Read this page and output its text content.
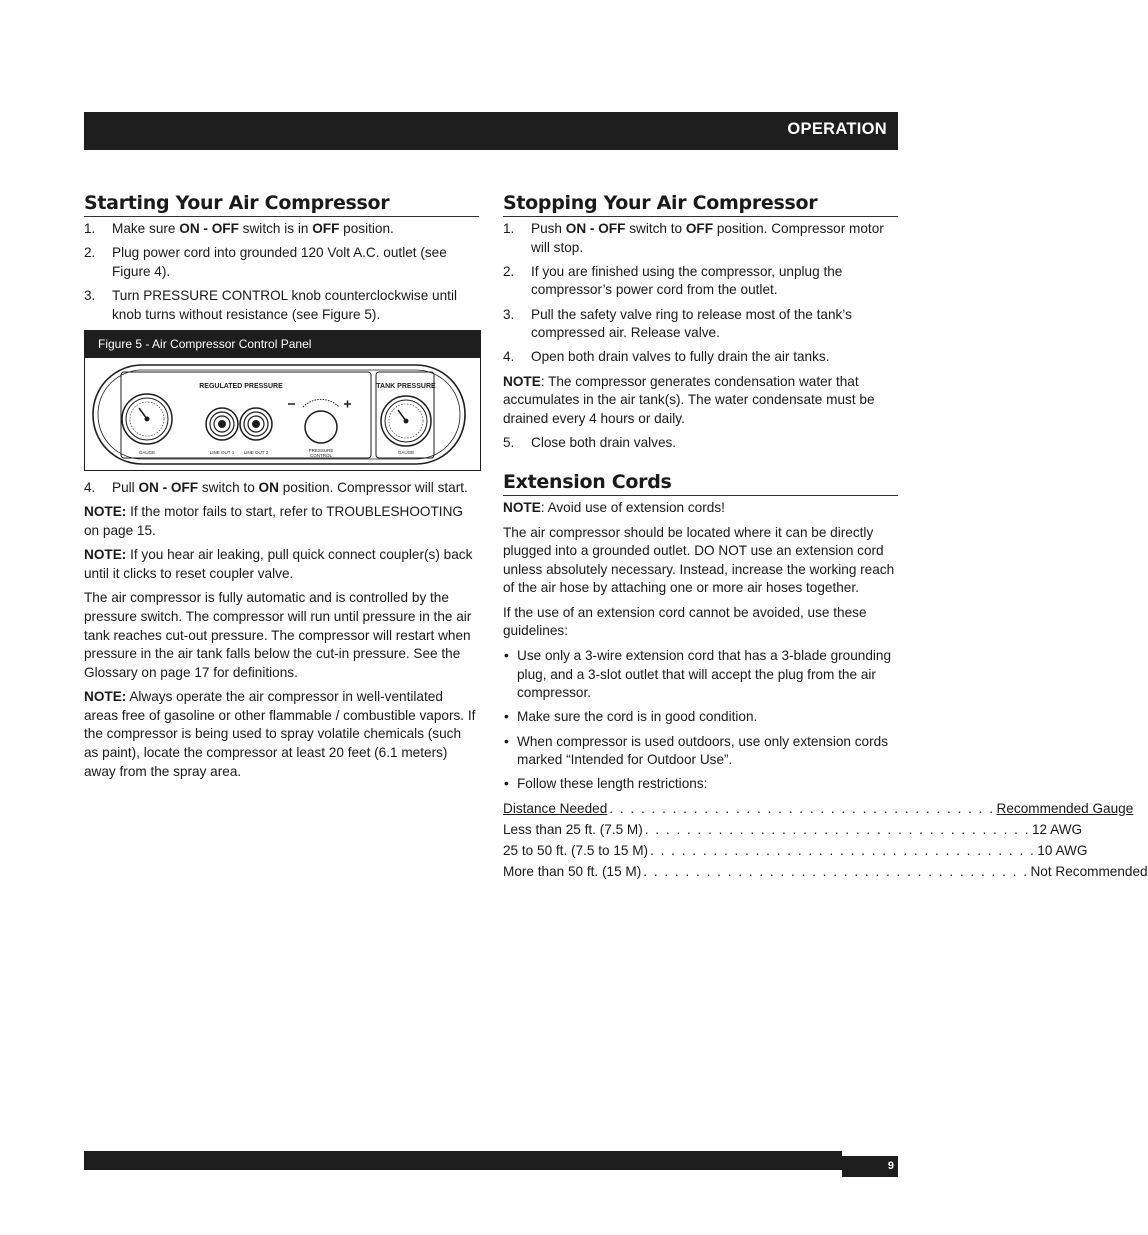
OPERATION
Starting Your Air Compressor
1. Make sure ON - OFF switch is in OFF position.
2. Plug power cord into grounded 120 Volt A.C. outlet (see Figure 4).
3. Turn PRESSURE CONTROL knob counterclockwise until knob turns without resistance (see Figure 5).
Figure 5 - Air Compressor Control Panel
REGULATED PRESSURE	TANK PRESSURE
GAUGE	LINE OUT 1 LINE OUT 2	PRESSURE
CONTROL
GAUGE
4. Pull ON - OFF switch to ON position. Compressor will start.

NOTE: If the motor fails to start, refer to TROUBLESHOOTING on page 15.

NOTE: If you hear air leaking, pull quick connect coupler(s) back until it clicks to reset coupler valve.

The air compressor is fully automatic and is controlled by the pressure switch. The compressor will run until pressure in the air tank reaches cut-out pressure. The compressor will restart when pressure in the air tank falls below the cut-in pressure. See the Glossary on page 17 for definitions.

NOTE: Always operate the air compressor in well-ventilated areas free of gasoline or other flammable / combustible vapors. If the compressor is being used to spray volatile chemicals (such as paint), locate the compressor at least 20 feet (6.1 meters) away from the spray area.

Stopping Your Air Compressor
1. Push ON - OFF switch to OFF position. Compressor motor will stop.
2. If you are finished using the compressor, unplug the compressor’s power cord from the outlet.
3. Pull the safety valve ring to release most of the tank’s compressed air. Release valve.
4. Open both drain valves to fully drain the air tanks.

NOTE: The compressor generates condensation water that accumulates in the air tank(s). The water condensate must be drained every 4 hours or daily.

5. Close both drain valves.
Extension Cords

NOTE: Avoid use of extension cords!

The air compressor should be located where it can be directly plugged into a grounded outlet. DO NOT use an extension cord unless absolutely necessary. Instead, increase the working reach of the air hose by attaching one or more air hoses together.

If the use of an extension cord cannot be avoided, use these guidelines:

• Use only a 3-wire extension cord that has a 3-blade grounding plug, and a 3-slot outlet that will accept the plug from the air compressor.
• Make sure the cord is in good condition.
• When compressor is used outdoors, use only extension cords marked “Intended for Outdoor Use”.
• Follow these length restrictions:
Distance Needed . . . . . . . . . . . . . . . . . . . . . . . . . . . . . . . . . . . . . Recommended Gauge
Less than 25 ft. (7.5 M) . . . . . . . . . . . . . . . . . . . . . . . . . . . . . . . . . . . . . 12 AWG
25 to 50 ft. (7.5 to 15 M) . . . . . . . . . . . . . . . . . . . . . . . . . . . . . . . . . . . . . 10 AWG
More than 50 ft. (15 M) . . . . . . . . . . . . . . . . . . . . . . . . . . . . . . . . . . . . . Not Recommended
9
